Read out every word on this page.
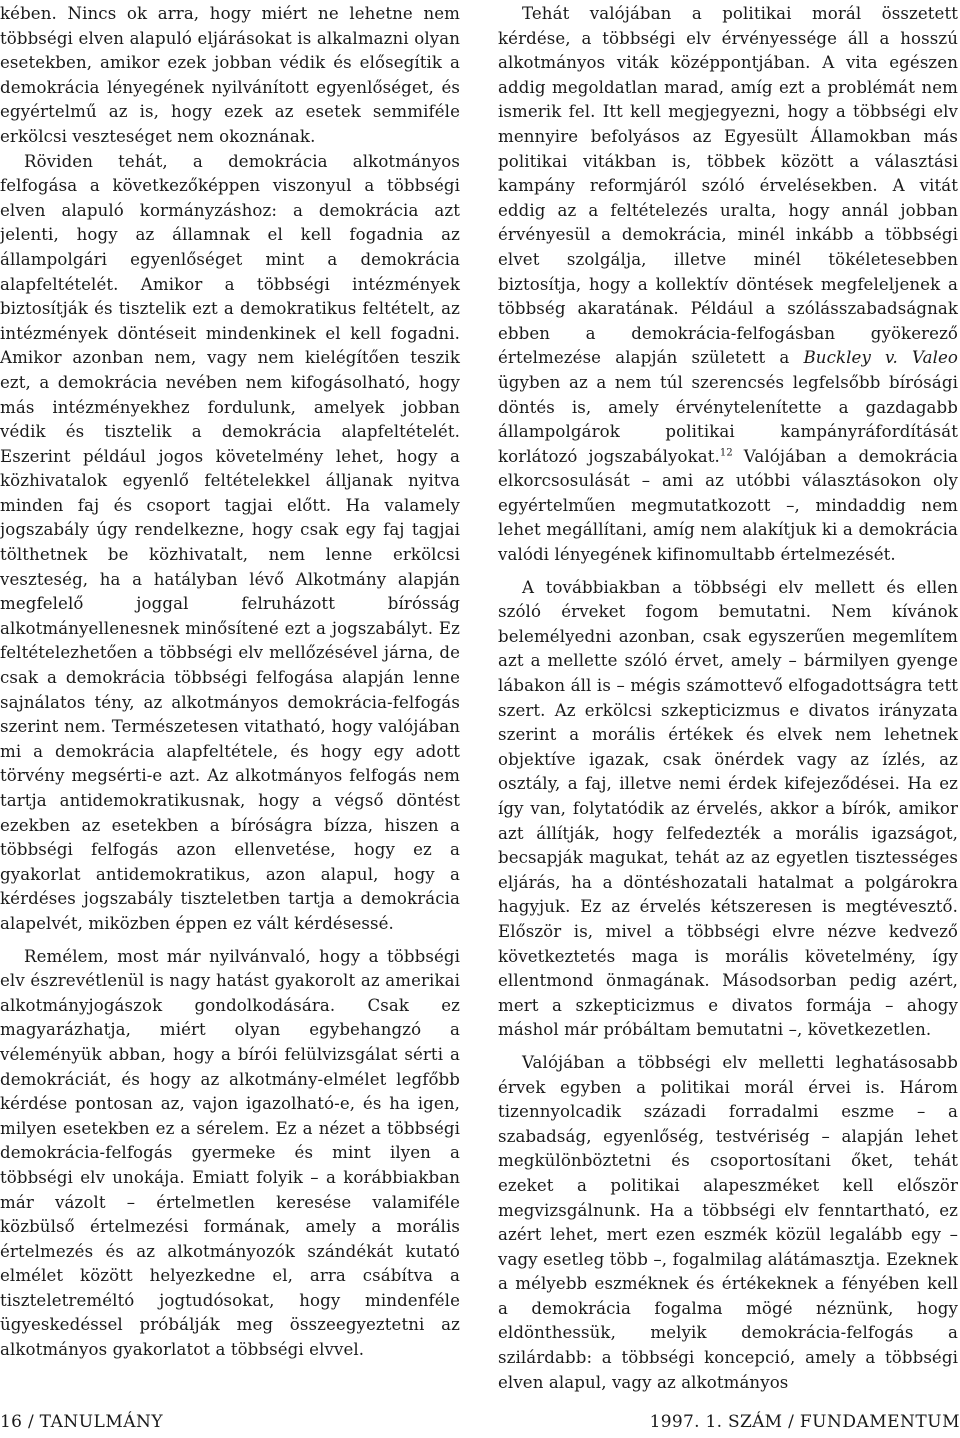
kében. Nincs ok arra, hogy miért ne lehetne nem többségi elven alapuló eljárásokat is alkalmazni olyan esetekben, amikor ezek jobban védik és elősegítik a demokrácia lényegének nyilvánított egyenlőséget, és egyértelmű az is, hogy ezek az esetek semmiféle erkölcsi veszteséget nem okoznának.

Röviden tehát, a demokrácia alkotmányos felfogása a következőképpen viszonyul a többségi elven alapuló kormányzáshoz: a demokrácia azt jelenti, hogy az államnak el kell fogadnia az állampolgári egyenlőséget mint a demokrácia alapfeltételét. Amikor a többségi intézmények biztosítják és tisztelik ezt a demokratikus feltételt, az intézmények döntéseit mindenkinek el kell fogadni. Amikor azonban nem, vagy nem kielégítően teszik ezt, a demokrácia nevében nem kifogásolható, hogy más intézményekhez fordulunk, amelyek jobban védik és tisztelik a demokrácia alapfeltételét. Eszerint például jogos követelmény lehet, hogy a közhivatalok egyenlő feltételekkel álljanak nyitva minden faj és csoport tagjai előtt. Ha valamely jogszabály úgy rendelkezne, hogy csak egy faj tagjai tölthetnek be közhivatalt, nem lenne erkölcsi veszteség, ha a hatályban lévő Alkotmány alapján megfelelő joggal felruházott bírósság alkotmányellenesnek minősítené ezt a jogszabályt. Ez feltételezhetően a többségi elv mellőzésével járna, de csak a demokrácia többségi felfogása alapján lenne sajnálatos tény, az alkotmányos demokrácia-felfogás szerint nem. Természetesen vitatható, hogy valójában mi a demokrácia alapfeltétele, és hogy egy adott törvény megsérti-e azt. Az alkotmányos felfogás nem tartja antidemokratikusnak, hogy a végső döntést ezekben az esetekben a bíróságra bízza, hiszen a többségi felfogás azon ellenvetése, hogy ez a gyakorlat antidemokratikus, azon alapul, hogy a kérdéses jogszabály tiszteletben tartja a demokrácia alapelvét, miközben éppen ez vált kérdésessé.

Remélem, most már nyilvánvaló, hogy a többségi elv észrevétlenül is nagy hatást gyakorolt az amerikai alkotmányjogászok gondolkodására. Csak ez magyarázhatja, miért olyan egybehangzó a véleményük abban, hogy a bírói felülvizsgálat sérti a demokráciát, és hogy az alkotmány-elmélet legfőbb kérdése pontosan az, vajon igazolható-e, és ha igen, milyen esetekben ez a sérelem. Ez a nézet a többségi demokrácia-felfogás gyermeke és mint ilyen a többségi elv unokája. Emiatt folyik – a korábbiakban már vázolt – értelmetlen keresése valamiféle közbülső értelmezési formának, amely a morális értelmezés és az alkotmányozók szándékát kutató elmélet között helyezkedne el, arra csábítva a tiszteletreméltó jogtudósokat, hogy mindenféle ügyeskedéssel próbálják meg összeegyeztetni az alkotmányos gyakorlatot a többségi elvvel.

Tehát valójában a politikai morál összetett kérdése, a többségi elv érvényessége áll a hosszú alkotmányos viták középpontjában. A vita egészen addig megoldatlan marad, amíg ezt a problémát nem ismerik fel. Itt kell megjegyezni, hogy a többségi elv mennyire befolyásos az Egyesült Államokban más politikai vitákban is, többek között a választási kampány reformjáról szóló érvelésekben. A vitát eddig az a feltételezés uralta, hogy annál jobban érvényesül a demokrácia, minél inkább a többségi elvet szolgálja, illetve minél tökéletesebben biztosítja, hogy a kollektív döntések megfeleljenek a többség akaratának. Például a szólásszabadságnak ebben a demokrácia-felfogásban gyökerező értelmezése alapján született a Buckley v. Valeo ügyben az a nem túl szerencsés legfelsőbb bírósági döntés is, amely érvénytelenítette a gazdagabb állampolgárok politikai kampányráfordítását korlátozó jogszabályokat.$^{12}$ Valójában a demokrácia elkorcsosulását – ami az utóbbi választásokon oly egyértelműen megmutatkozott –, mindaddig nem lehet megállítani, amíg nem alakítjuk ki a demokrácia valódi lényegének kifinomultabb értelmezését.

A továbbiakban a többségi elv mellett és ellen szóló érveket fogom bemutatni. Nem kívánok belemélyedni azonban, csak egyszerűen megemlítem azt a mellette szóló érvet, amely – bármilyen gyenge lábakon áll is – mégis számottevő elfogadottságra tett szert. Az erkölcsi szkepticizmus e divatos irányzata szerint a morális értékek és elvek nem lehetnek objektíve igazak, csak önérdek vagy az ízlés, az osztály, a faj, illetve nemi érdek kifejeződései. Ha ez így van, folytatódik az érvelés, akkor a bírók, amikor azt állítják, hogy felfedezték a morális igazságot, becsapják magukat, tehát az az egyetlen tisztességes eljárás, ha a döntéshozatali hatalmat a polgárokra hagyjuk. Ez az érvelés kétszeresen is megtévesztő. Először is, mivel a többségi elvre nézve kedvező következtetés maga is morális követelmény, így ellentmond önmagának. Másodsorban pedig azért, mert a szkepticizmus e divatos formája – ahogy máshol már próbáltam bemutatni –, következetlen.

Valójában a többségi elv melletti leghatásosabb érvek egyben a politikai morál érvei is. Három tizennyolcadik századi forradalmi eszme – a szabadság, egyenlőség, testvériség – alapján lehet megkülönböztetni és csoportosítani őket, tehát ezeket a politikai alapeszméket kell először megvizsgálnunk. Ha a többségi elv fenntartható, ez azért lehet, mert ezen eszmék közül legalább egy – vagy esetleg több –, fogalmilag alátámasztja. Ezeknek a mélyebb eszméknek és értékeknek a fényében kell a demokrácia fogalma mögé néznünk, hogy eldönthessük, melyik demokrácia-felfogás a szilárdabb: a többségi koncepció, amely a többségi elven alapul, vagy az alkotmányos

16 / TANULMÁNY	1997. 1. SZÁM / FUNDAMENTUM
